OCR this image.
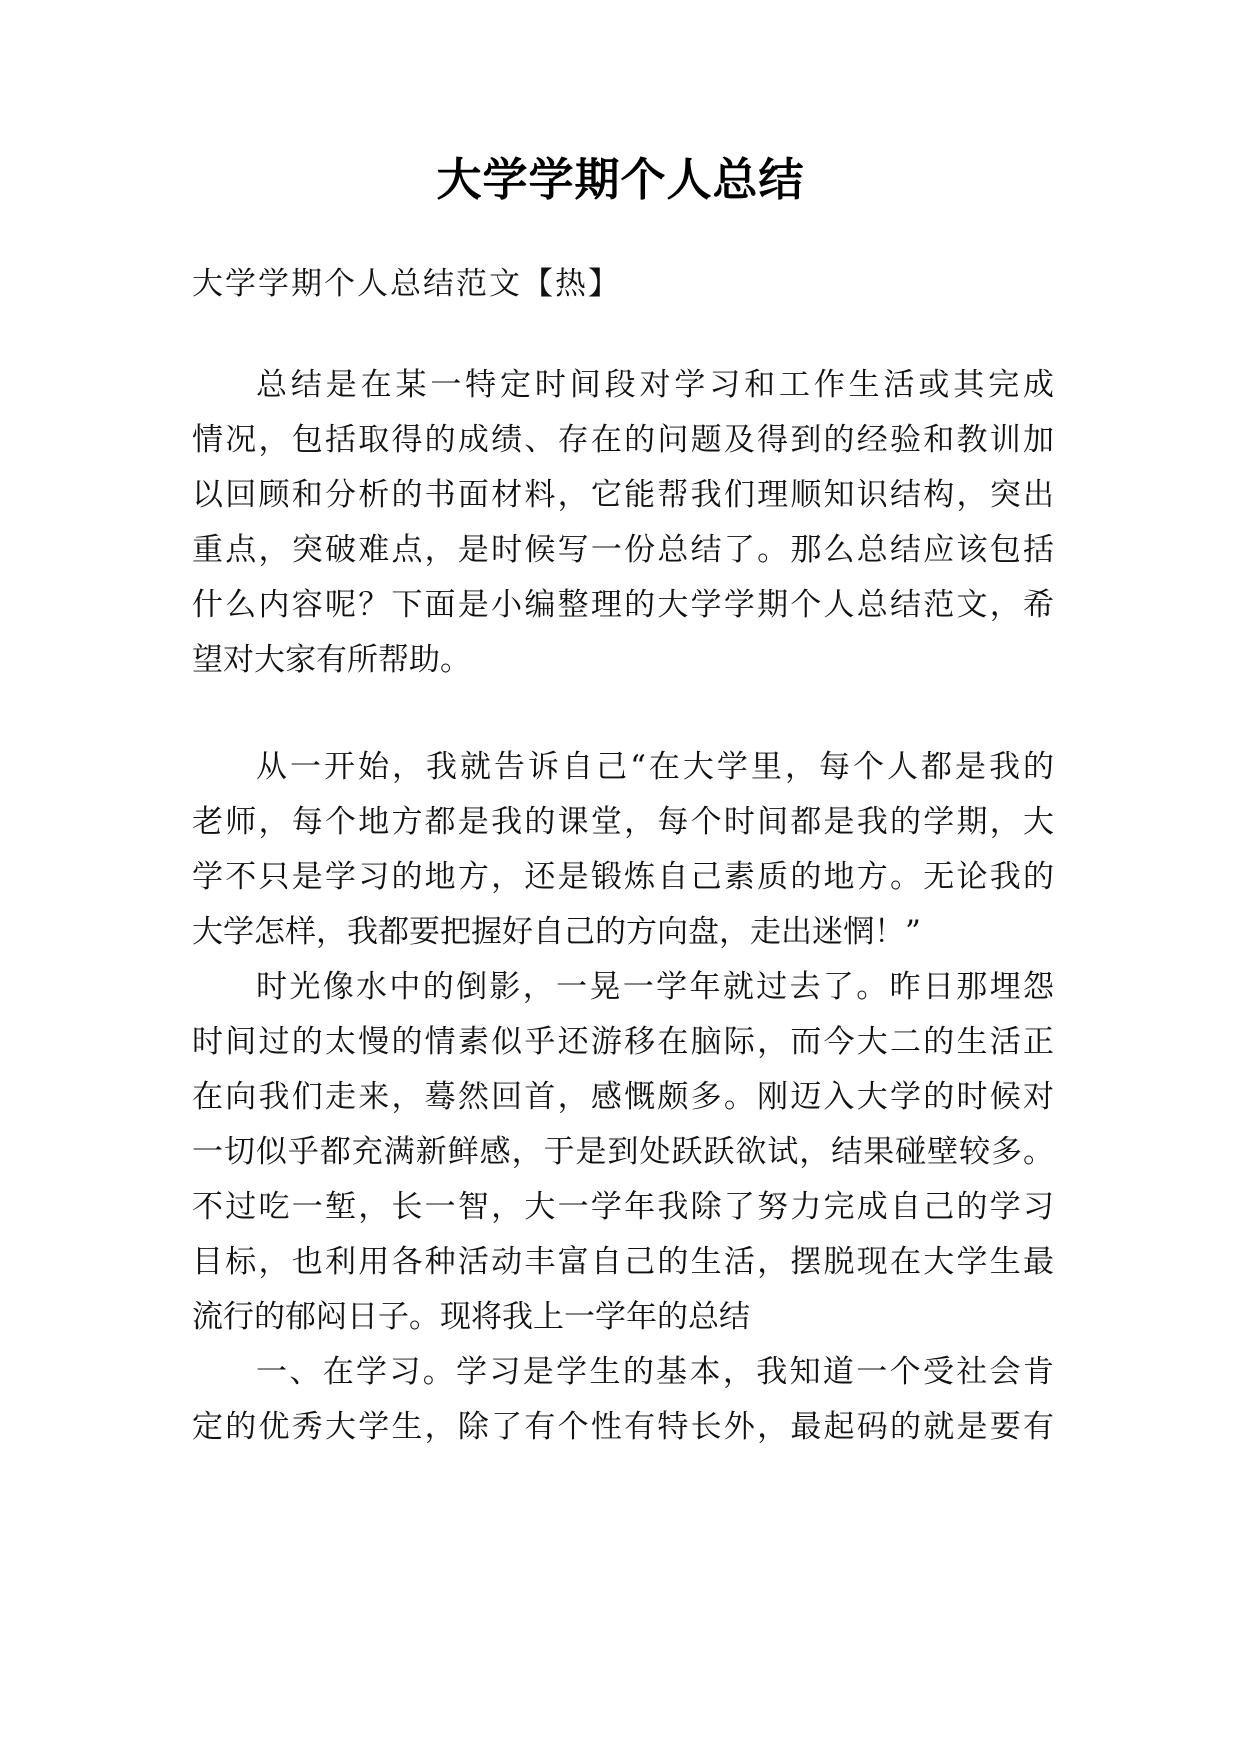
大学学期个人总结
大学学期个人总结范文【热】
总结是在某一特定时间段对学习和工作生活或其完成
情况，包括取得的成绩、存在的问题及得到的经验和教训加
以回顾和分析的书面材料，它能帮我们理顺知识结构，突出
重点，突破难点，是时候写一份总结了。那么总结应该包括
什么内容呢？下面是小编整理的大学学期个人总结范文，希
望对大家有所帮助。
从一开始，我就告诉自己“在大学里，每个人都是我的
老师，每个地方都是我的课堂，每个时间都是我的学期，大
学不只是学习的地方，还是锻炼自己素质的地方。无论我的
大学怎样，我都要把握好自己的方向盘，走出迷惘！”
时光像水中的倒影，一晃一学年就过去了。昨日那埋怨
时间过的太慢的情素似乎还游移在脑际，而今大二的生活正
在向我们走来，蓦然回首，感慨颇多。刚迈入大学的时候对
一切似乎都充满新鲜感，于是到处跃跃欲试，结果碰壁较多。
不过吃一堑，长一智，大一学年我除了努力完成自己的学习
目标，也利用各种活动丰富自己的生活，摆脱现在大学生最
流行的郁闷日子。现将我上一学年的总结
一、在学习。学习是学生的基本，我知道一个受社会肯
定的优秀大学生，除了有个性有特长外，最起码的就是要有
